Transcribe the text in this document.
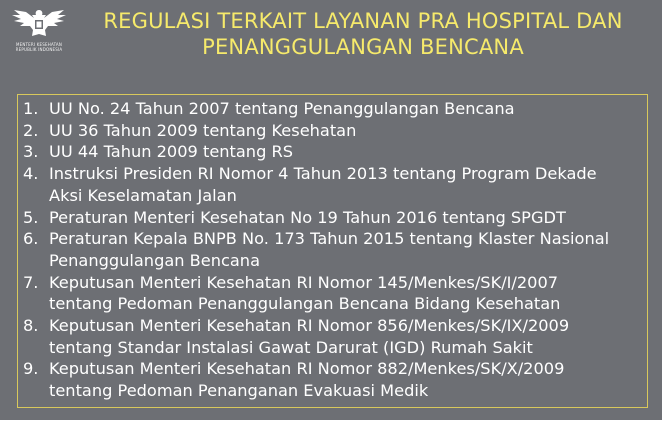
MENTERI KESEHATAN
REPUBLIK INDONESIA
REGULASI TERKAIT LAYANAN PRA HOSPITAL DAN
PENANGGULANGAN BENCANA
1. UU No. 24 Tahun 2007 tentang Penanggulangan Bencana
2. UU 36 Tahun 2009 tentang Kesehatan
3. UU 44 Tahun 2009 tentang RS
4. Instruksi Presiden RI Nomor 4 Tahun 2013 tentang Program Dekade
Aksi Keselamatan Jalan
5. Peraturan Menteri Kesehatan No 19 Tahun 2016 tentang SPGDT
6. Peraturan Kepala BNPB No. 173 Tahun 2015 tentang Klaster Nasional
Penanggulangan Bencana
7. Keputusan Menteri Kesehatan RI Nomor 145/Menkes/SK/I/2007
tentang Pedoman Penanggulangan Bencana Bidang Kesehatan
8. Keputusan Menteri Kesehatan RI Nomor 856/Menkes/SK/IX/2009
tentang Standar Instalasi Gawat Darurat (IGD) Rumah Sakit
9. Keputusan Menteri Kesehatan RI Nomor 882/Menkes/SK/X/2009
tentang Pedoman Penanganan Evakuasi Medik
